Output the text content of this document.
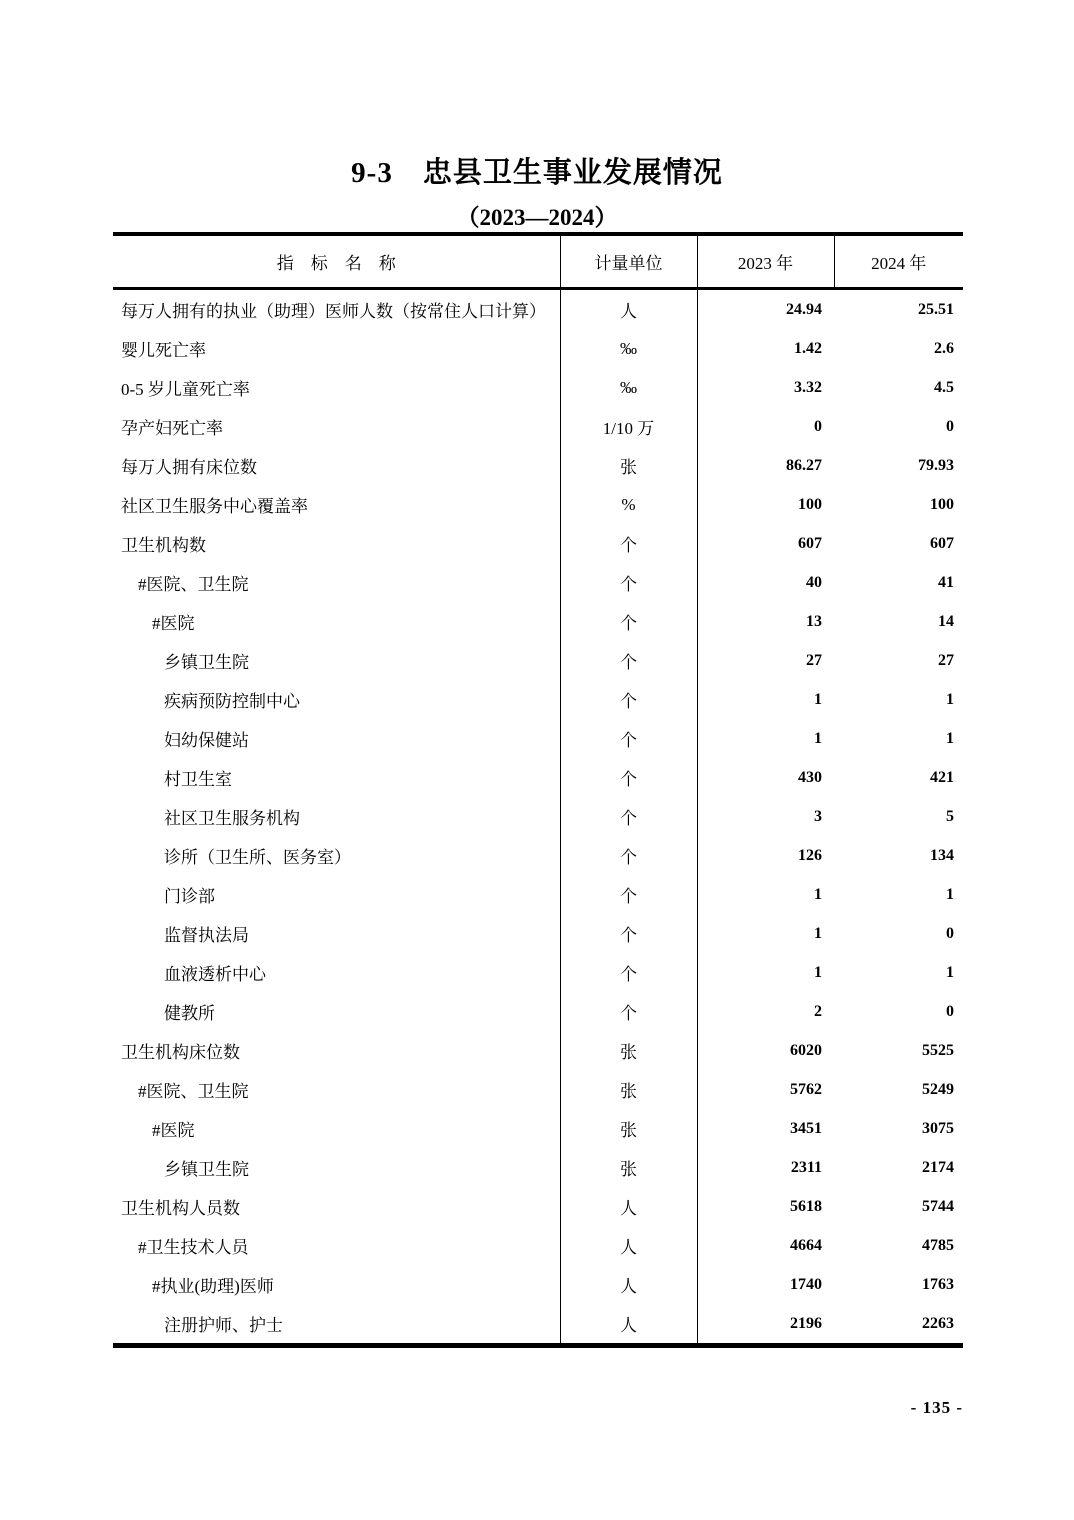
9-3　忠县卫生事业发展情况
（2023—2024）
指　标　名　称	计量单位	2023 年	2024 年
每万人拥有的执业（助理）医师人数（按常住人口计算）	人	24.94	25.51
婴儿死亡率	‰	1.42	2.6
0-5 岁儿童死亡率	‰	3.32	4.5
孕产妇死亡率	1/10 万	0	0
每万人拥有床位数	张	86.27	79.93
社区卫生服务中心覆盖率	%	100	100
卫生机构数	个	607	607
#医院、卫生院	个	40	41
#医院	个	13	14
乡镇卫生院	个	27	27
疾病预防控制中心	个	1	1
妇幼保健站	个	1	1
村卫生室	个	430	421
社区卫生服务机构	个	3	5
诊所（卫生所、医务室）	个	126	134
门诊部	个	1	1
监督执法局	个	1	0
血液透析中心	个	1	1
健教所	个	2	0
卫生机构床位数	张	6020	5525
#医院、卫生院	张	5762	5249
#医院	张	3451	3075
乡镇卫生院	张	2311	2174
卫生机构人员数	人	5618	5744
#卫生技术人员	人	4664	4785
#执业(助理)医师	人	1740	1763
注册护师、护士	人	2196	2263
- 135 -
